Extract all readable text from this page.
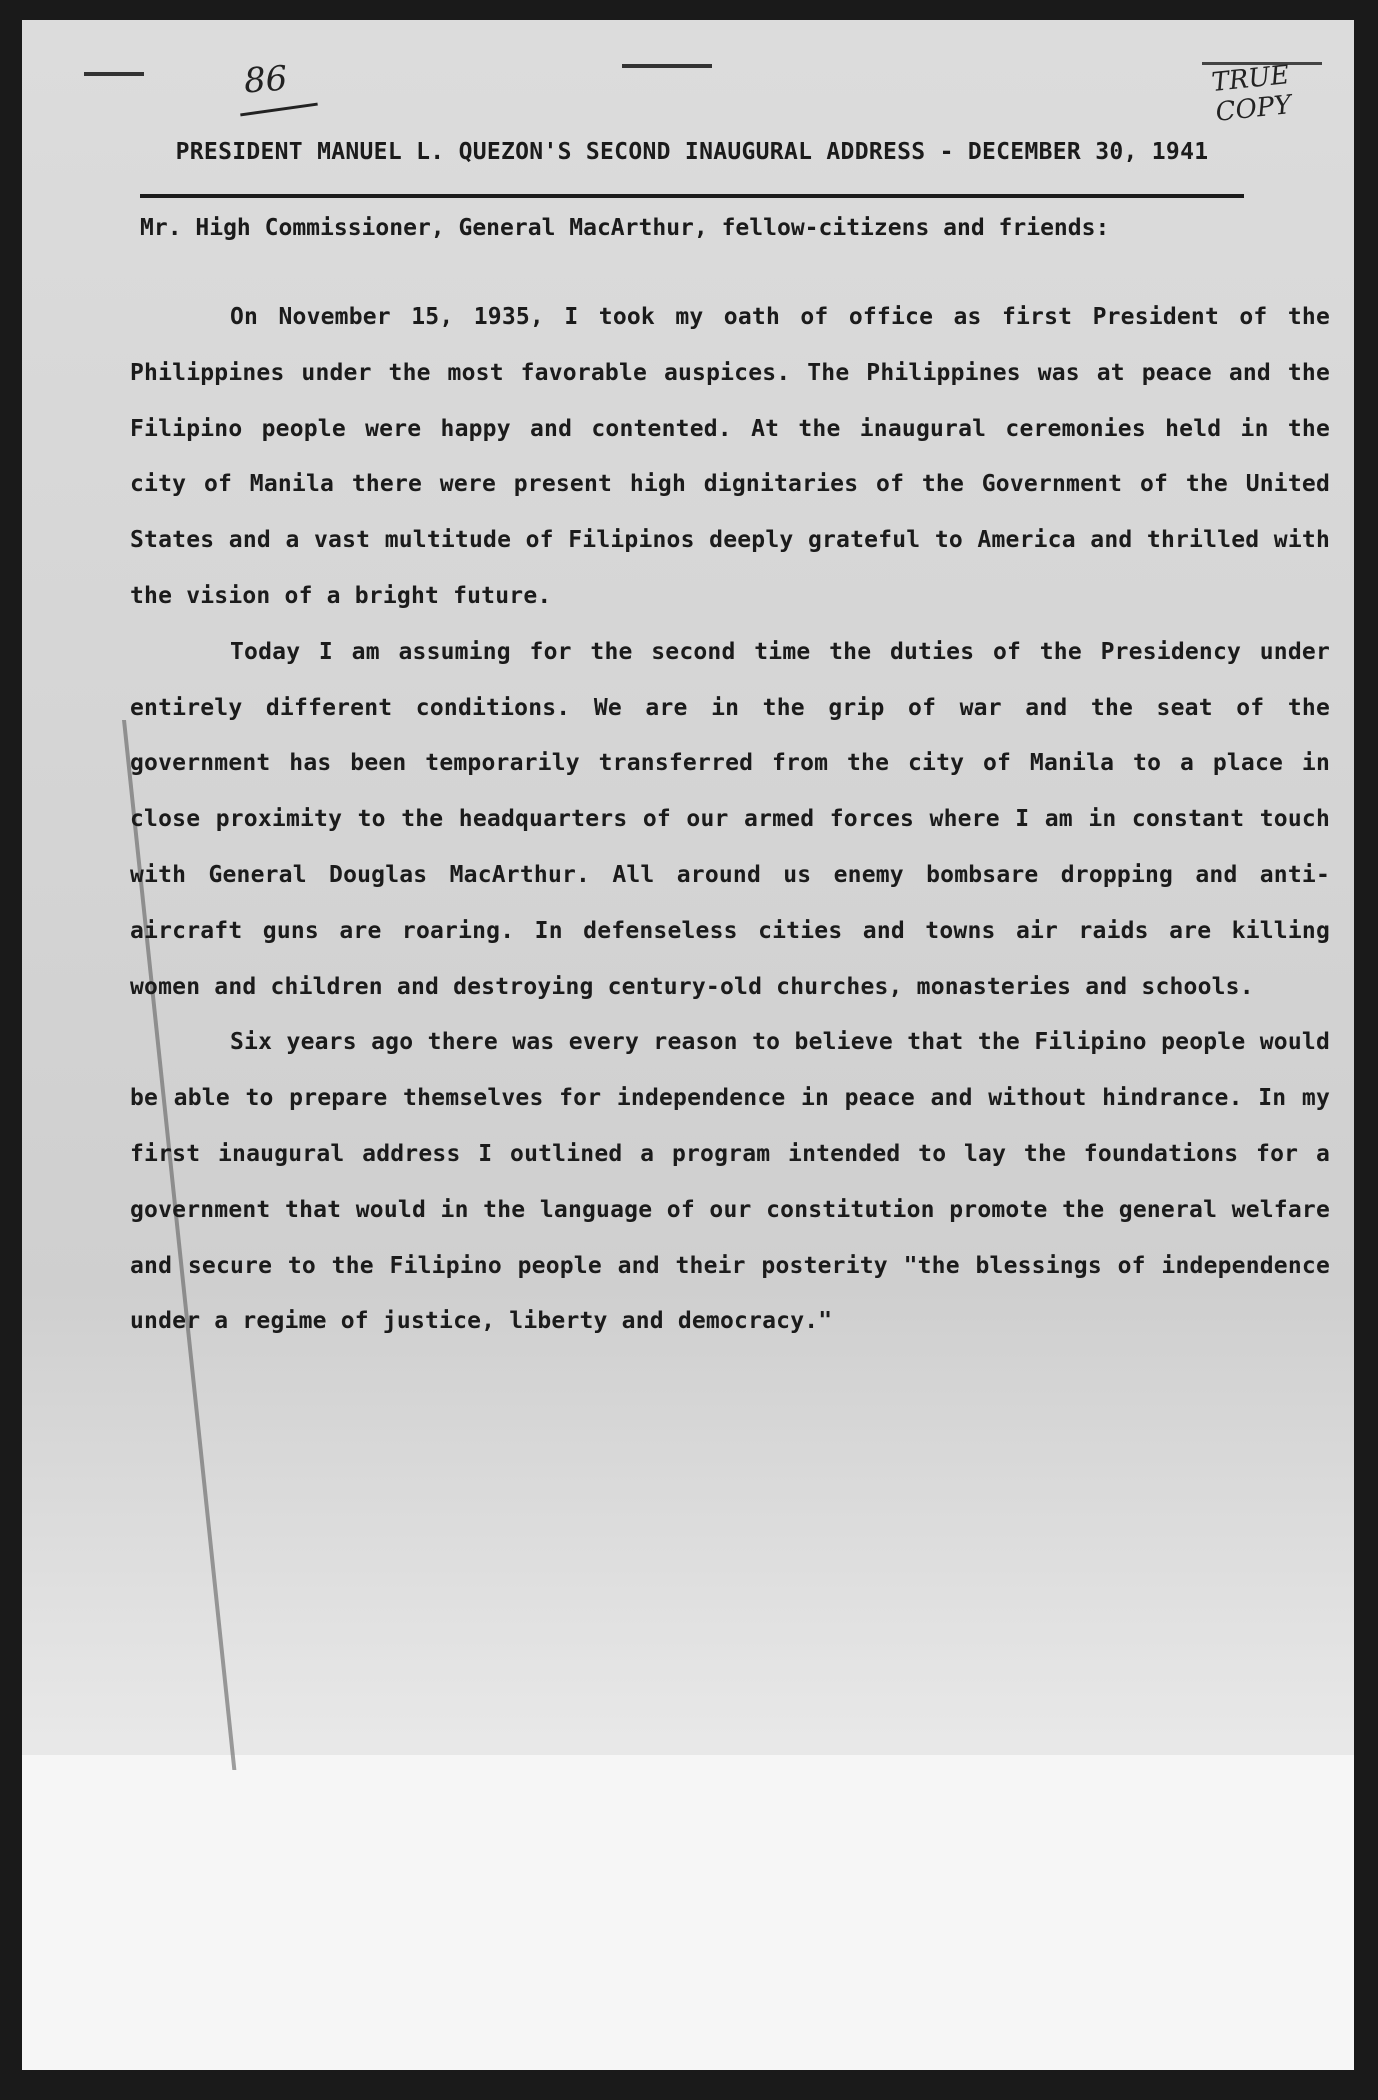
86	TRUE COPY
PRESIDENT MANUEL L. QUEZON'S SECOND INAUGURAL ADDRESS - DECEMBER 30, 1941
Mr. High Commissioner, General MacArthur, fellow-citizens and friends:

On November 15, 1935, I took my oath of office as first President of the Philippines under the most favorable auspices. The Philippines was at peace and the Filipino people were happy and contented. At the inaugural ceremonies held in the city of Manila there were present high dignitaries of the Government of the United States and a vast multitude of Filipinos deeply grateful to America and thrilled with the vision of a bright future.

Today I am assuming for the second time the duties of the Presidency under entirely different conditions. We are in the grip of war and the seat of the government has been temporarily transferred from the city of Manila to a place in close proximity to the headquarters of our armed forces where I am in constant touch with General Douglas MacArthur. All around us enemy bombsare dropping and anti-aircraft guns are roaring. In defenseless cities and towns air raids are killing women and children and destroying century-old churches, monasteries and schools.

Six years ago there was every reason to believe that the Filipino people would be able to prepare themselves for independence in peace and without hindrance. In my first inaugural address I outlined a program intended to lay the foundations for a government that would in the language of our constitution promote the general welfare and secure to the Filipino people and their posterity "the blessings of independence under a regime of justice, liberty and democracy."
